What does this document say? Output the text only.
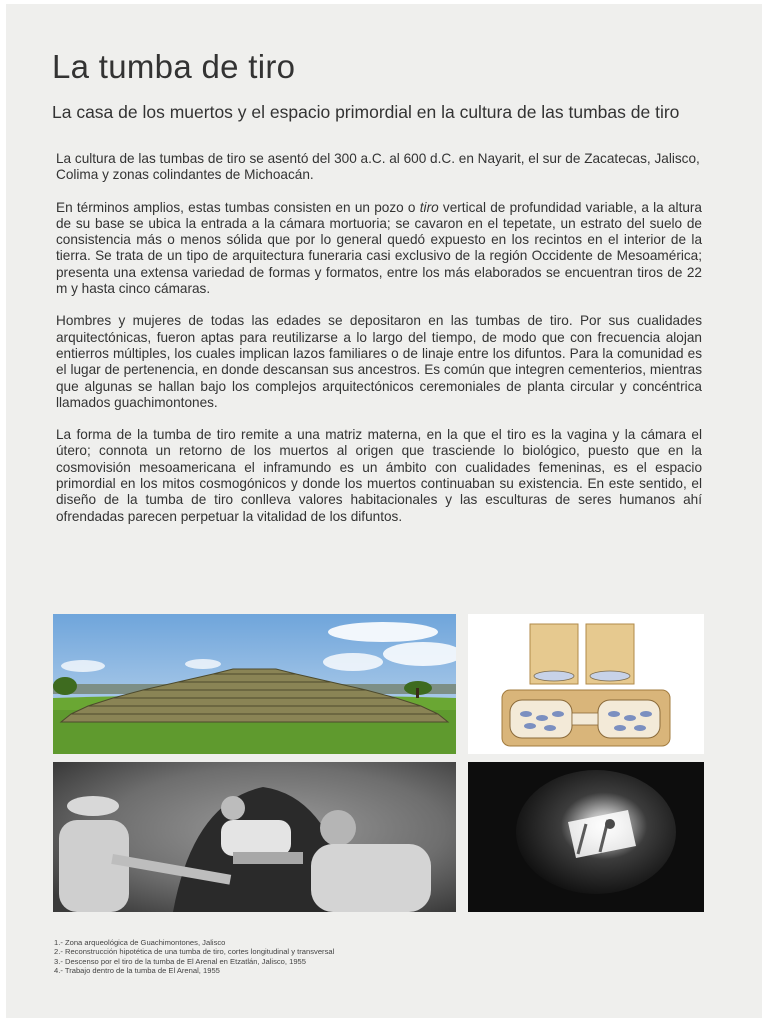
La tumba de tiro
La casa de los muertos y el espacio primordial en la cultura de las tumbas de tiro

La cultura de las tumbas de tiro se asentó del 300 a.C. al 600 d.C. en Nayarit, el sur de Zacatecas, Jalisco, Colima y zonas colindantes de Michoacán.

En términos amplios, estas tumbas consisten en un pozo o tiro vertical de profundidad variable, a la altura de su base se ubica la entrada a la cámara mortuoria; se cavaron en el tepetate, un estrato del suelo de consistencia más o menos sólida que por lo general quedó expuesto en los recintos en el interior de la tierra. Se trata de un tipo de arquitectura funeraria casi exclusivo de la región Occidente de Mesoamérica; presenta una extensa variedad de formas y formatos, entre los más elaborados se encuentran tiros de 22 m y hasta cinco cámaras.

Hombres y mujeres de todas las edades se depositaron en las tumbas de tiro. Por sus cualidades arquitectónicas, fueron aptas para reutilizarse a lo largo del tiempo, de modo que con frecuencia alojan entierros múltiples, los cuales implican lazos familiares o de linaje entre los difuntos. Para la comunidad es el lugar de pertenencia, en donde descansan sus ancestros. Es común que integren cementerios, mientras que algunas se hallan bajo los complejos arquitectónicos ceremoniales de planta circular y concéntrica llamados guachimontones.

La forma de la tumba de tiro remite a una matriz materna, en la que el tiro es la vagina y la cámara el útero; connota un retorno de los muertos al origen que trasciende lo biológico, puesto que en la cosmovisión mesoamericana el inframundo es un ámbito con cualidades femeninas, es el espacio primordial en los mitos cosmogónicos y donde los muertos continuaban su existencia. En este sentido, el diseño de la tumba de tiro conlleva valores habitacionales y las esculturas de seres humanos ahí ofrendadas parecen perpetuar la vitalidad de los difuntos.

1.- Zona arqueológica de Guachimontones, Jalisco
2.- Reconstrucción hipotética de una tumba de tiro, cortes longitudinal y transversal
3.- Descenso por el tiro de la tumba de El Arenal en Etzatlán, Jalisco, 1955
4.- Trabajo dentro de la tumba de El Arenal, 1955
